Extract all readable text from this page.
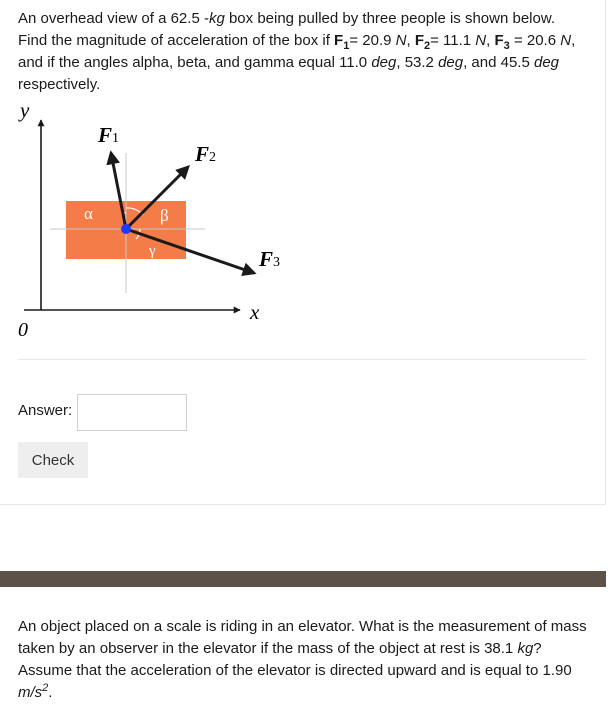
An overhead view of a 62.5 -kg box being pulled by three people is shown below. Find the magnitude of acceleration of the box if $F_1= 20.9$ N, $F_2= 11.1$ N, $F_3 = 20.6$ N, and if the angles alpha, beta, and gamma equal 11.0 deg, 53.2 deg, and 45.5 deg respectively.
y
x
0
α	β
γ
F1
F2
F3
Answer:
Check
An object placed on a scale is riding in an elevator. What is the measurement of mass taken by an observer in the elevator if the mass of the object at rest is 38.1 kg? Assume that the acceleration of the elevator is directed upward and is equal to 1.90 $m/s^2$.
